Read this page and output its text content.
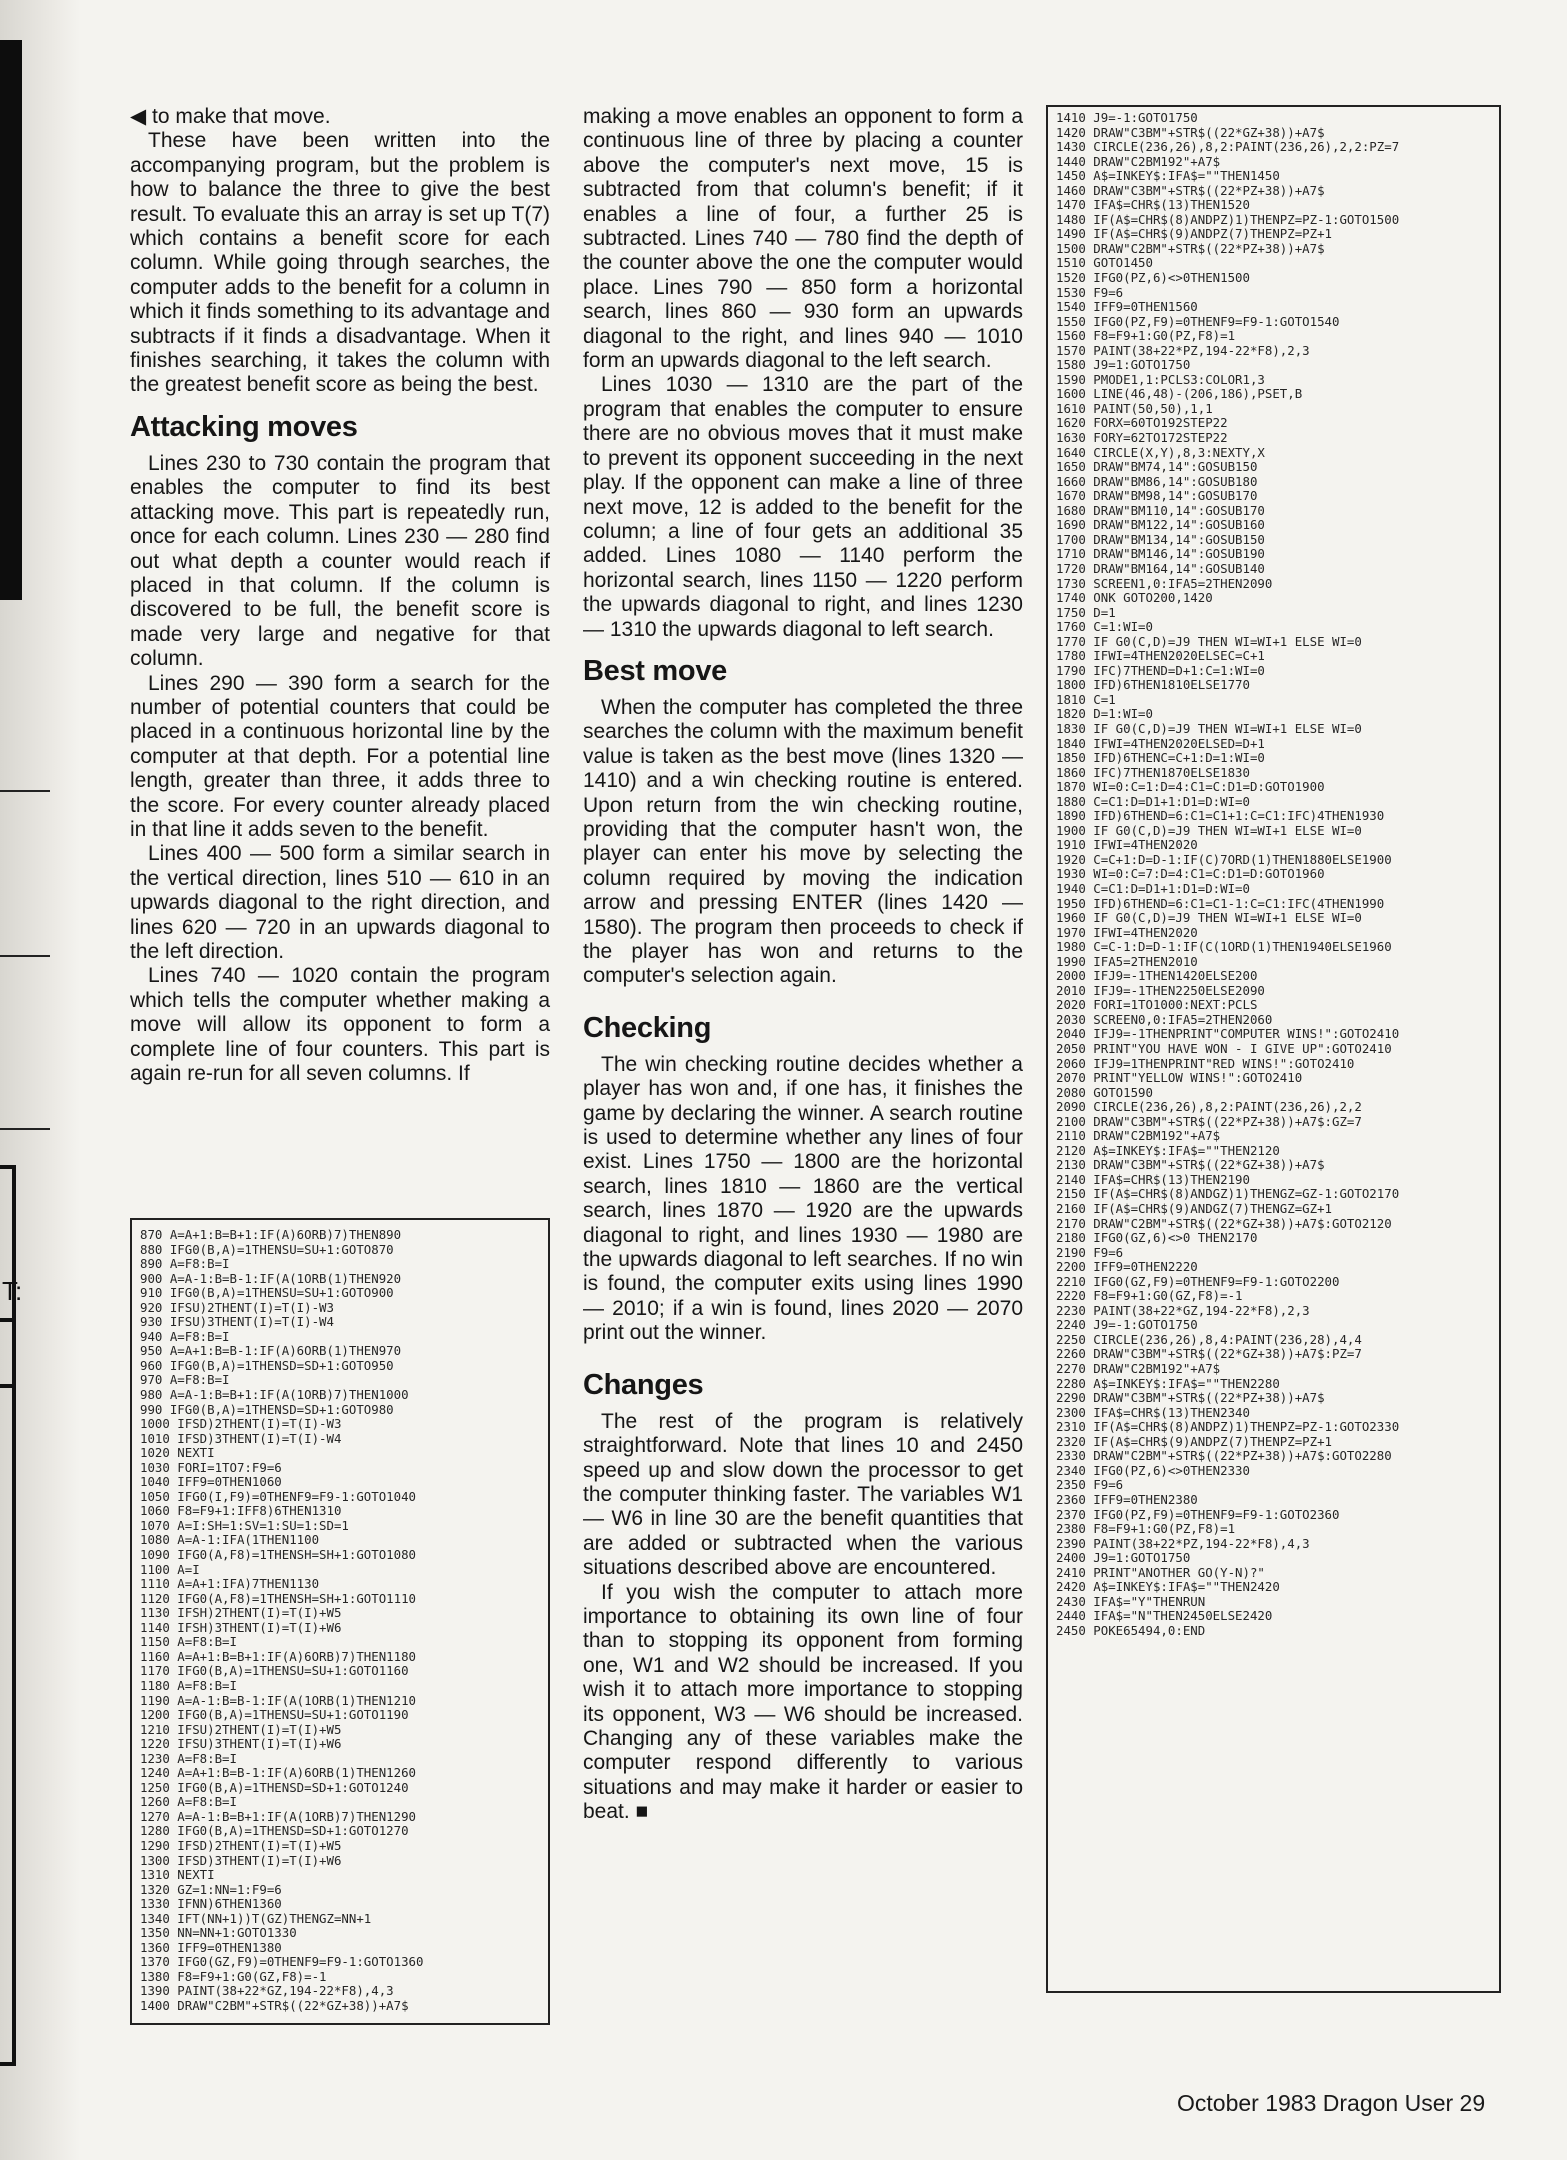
T:

◀ to make that move.

These have been written into the accompanying program, but the problem is how to balance the three to give the best result. To evaluate this an array is set up T(7) which contains a benefit score for each column. While going through searches, the computer adds to the benefit for a column in which it finds something to its advantage and subtracts if it finds a disadvantage. When it finishes searching, it takes the column with the greatest benefit score as being the best.

Attacking moves

Lines 230 to 730 contain the program that enables the computer to find its best attacking move. This part is repeatedly run, once for each column. Lines 230 — 280 find out what depth a counter would reach if placed in that column. If the column is discovered to be full, the benefit score is made very large and negative for that column.

Lines 290 — 390 form a search for the number of potential counters that could be placed in a continuous horizontal line by the computer at that depth. For a potential line length, greater than three, it adds three to the score. For every counter already placed in that line it adds seven to the benefit.

Lines 400 — 500 form a similar search in the vertical direction, lines 510 — 610 in an upwards diagonal to the right direction, and lines 620 — 720 in an upwards diagonal to the left direction.

Lines 740 — 1020 contain the program which tells the computer whether making a move will allow its opponent to form a complete line of four counters. This part is again re-run for all seven columns. If

870 A=A+1:B=B+1:IF(A)6ORB)7)THEN890
880 IFG0(B,A)=1THENSU=SU+1:GOTO870
890 A=F8:B=I
900 A=A-1:B=B-1:IF(A(1ORB(1)THEN920
910 IFG0(B,A)=1THENSU=SU+1:GOTO900
920 IFSU)2THENT(I)=T(I)-W3
930 IFSU)3THENT(I)=T(I)-W4
940 A=F8:B=I
950 A=A+1:B=B-1:IF(A)6ORB(1)THEN970
960 IFG0(B,A)=1THENSD=SD+1:GOTO950
970 A=F8:B=I
980 A=A-1:B=B+1:IF(A(1ORB)7)THEN1000
990 IFG0(B,A)=1THENSD=SD+1:GOTO980
1000 IFSD)2THENT(I)=T(I)-W3
1010 IFSD)3THENT(I)=T(I)-W4
1020 NEXTI
1030 FORI=1TO7:F9=6
1040 IFF9=0THEN1060
1050 IFG0(I,F9)=0THENF9=F9-1:GOTO1040
1060 F8=F9+1:IFF8)6THEN1310
1070 A=I:SH=1:SV=1:SU=1:SD=1
1080 A=A-1:IFA(1THEN1100
1090 IFG0(A,F8)=1THENSH=SH+1:GOTO1080
1100 A=I
1110 A=A+1:IFA)7THEN1130
1120 IFG0(A,F8)=1THENSH=SH+1:GOTO1110
1130 IFSH)2THENT(I)=T(I)+W5
1140 IFSH)3THENT(I)=T(I)+W6
1150 A=F8:B=I
1160 A=A+1:B=B+1:IF(A)6ORB)7)THEN1180
1170 IFG0(B,A)=1THENSU=SU+1:GOTO1160
1180 A=F8:B=I
1190 A=A-1:B=B-1:IF(A(1ORB(1)THEN1210
1200 IFG0(B,A)=1THENSU=SU+1:GOTO1190
1210 IFSU)2THENT(I)=T(I)+W5
1220 IFSU)3THENT(I)=T(I)+W6
1230 A=F8:B=I
1240 A=A+1:B=B-1:IF(A)6ORB(1)THEN1260
1250 IFG0(B,A)=1THENSD=SD+1:GOTO1240
1260 A=F8:B=I
1270 A=A-1:B=B+1:IF(A(1ORB)7)THEN1290
1280 IFG0(B,A)=1THENSD=SD+1:GOTO1270
1290 IFSD)2THENT(I)=T(I)+W5
1300 IFSD)3THENT(I)=T(I)+W6
1310 NEXTI
1320 GZ=1:NN=1:F9=6
1330 IFNN)6THEN1360
1340 IFT(NN+1))T(GZ)THENGZ=NN+1
1350 NN=NN+1:GOTO1330
1360 IFF9=0THEN1380
1370 IFG0(GZ,F9)=0THENF9=F9-1:GOTO1360
1380 F8=F9+1:G0(GZ,F8)=-1
1390 PAINT(38+22*GZ,194-22*F8),4,3
1400 DRAW"C2BM"+STR$((22*GZ+38))+A7$

making a move enables an opponent to form a continuous line of three by placing a counter above the computer's next move, 15 is subtracted from that column's benefit; if it enables a line of four, a further 25 is subtracted. Lines 740 — 780 find the depth of the counter above the one the computer would place. Lines 790 — 850 form a horizontal search, lines 860 — 930 form an upwards diagonal to the right, and lines 940 — 1010 form an upwards diagonal to the left search.

Lines 1030 — 1310 are the part of the program that enables the computer to ensure there are no obvious moves that it must make to prevent its opponent succeeding in the next play. If the opponent can make a line of three next move, 12 is added to the benefit for the column; a line of four gets an additional 35 added. Lines 1080 — 1140 perform the horizontal search, lines 1150 — 1220 perform the upwards diagonal to right, and lines 1230 — 1310 the upwards diagonal to left search.

Best move

When the computer has completed the three searches the column with the maximum benefit value is taken as the best move (lines 1320 — 1410) and a win checking routine is entered. Upon return from the win checking routine, providing that the computer hasn't won, the player can enter his move by selecting the column required by moving the indication arrow and pressing ENTER (lines 1420 —1580). The program then proceeds to check if the player has won and returns to the computer's selection again.

Checking

The win checking routine decides whether a player has won and, if one has, it finishes the game by declaring the winner. A search routine is used to determine whether any lines of four exist. Lines 1750 — 1800 are the horizontal search, lines 1810 — 1860 are the vertical search, lines 1870 — 1920 are the upwards diagonal to right, and lines 1930 — 1980 are the upwards diagonal to left searches. If no win is found, the computer exits using lines 1990 — 2010; if a win is found, lines 2020 — 2070 print out the winner.

Changes

The rest of the program is relatively straightforward. Note that lines 10 and 2450 speed up and slow down the processor to get the computer thinking faster. The variables W1 — W6 in line 30 are the benefit quantities that are added or subtracted when the various situations described above are encountered.

If you wish the computer to attach more importance to obtaining its own line of four than to stopping its opponent from forming one, W1 and W2 should be increased. If you wish it to attach more importance to stopping its opponent, W3 — W6 should be increased. Changing any of these variables make the computer respond differently to various situations and may make it harder or easier to beat. ■

1410 J9=-1:GOTO1750
1420 DRAW"C3BM"+STR$((22*GZ+38))+A7$
1430 CIRCLE(236,26),8,2:PAINT(236,26),2,2:PZ=7
1440 DRAW"C2BM192"+A7$
1450 A$=INKEY$:IFA$=""THEN1450
1460 DRAW"C3BM"+STR$((22*PZ+38))+A7$
1470 IFA$=CHR$(13)THEN1520
1480 IF(A$=CHR$(8)ANDPZ)1)THENPZ=PZ-1:GOTO1500
1490 IF(A$=CHR$(9)ANDPZ(7)THENPZ=PZ+1
1500 DRAW"C2BM"+STR$((22*PZ+38))+A7$
1510 GOTO1450
1520 IFG0(PZ,6)<>0THEN1500
1530 F9=6
1540 IFF9=0THEN1560
1550 IFG0(PZ,F9)=0THENF9=F9-1:GOTO1540
1560 F8=F9+1:G0(PZ,F8)=1
1570 PAINT(38+22*PZ,194-22*F8),2,3
1580 J9=1:GOTO1750
1590 PMODE1,1:PCLS3:COLOR1,3
1600 LINE(46,48)-(206,186),PSET,B
1610 PAINT(50,50),1,1
1620 FORX=60TO192STEP22
1630 FORY=62TO172STEP22
1640 CIRCLE(X,Y),8,3:NEXTY,X
1650 DRAW"BM74,14":GOSUB150
1660 DRAW"BM86,14":GOSUB180
1670 DRAW"BM98,14":GOSUB170
1680 DRAW"BM110,14":GOSUB170
1690 DRAW"BM122,14":GOSUB160
1700 DRAW"BM134,14":GOSUB150
1710 DRAW"BM146,14":GOSUB190
1720 DRAW"BM164,14":GOSUB140
1730 SCREEN1,0:IFA5=2THEN2090
1740 ONK GOTO200,1420
1750 D=1
1760 C=1:WI=0
1770 IF G0(C,D)=J9 THEN WI=WI+1 ELSE WI=0
1780 IFWI=4THEN2020ELSEC=C+1
1790 IFC)7THEND=D+1:C=1:WI=0
1800 IFD)6THEN1810ELSE1770
1810 C=1
1820 D=1:WI=0
1830 IF G0(C,D)=J9 THEN WI=WI+1 ELSE WI=0
1840 IFWI=4THEN2020ELSED=D+1
1850 IFD)6THENC=C+1:D=1:WI=0
1860 IFC)7THEN1870ELSE1830
1870 WI=0:C=1:D=4:C1=C:D1=D:GOTO1900
1880 C=C1:D=D1+1:D1=D:WI=0
1890 IFD)6THEND=6:C1=C1+1:C=C1:IFC)4THEN1930
1900 IF G0(C,D)=J9 THEN WI=WI+1 ELSE WI=0
1910 IFWI=4THEN2020
1920 C=C+1:D=D-1:IF(C)7ORD(1)THEN1880ELSE1900
1930 WI=0:C=7:D=4:C1=C:D1=D:GOTO1960
1940 C=C1:D=D1+1:D1=D:WI=0
1950 IFD)6THEND=6:C1=C1-1:C=C1:IFC(4THEN1990
1960 IF G0(C,D)=J9 THEN WI=WI+1 ELSE WI=0
1970 IFWI=4THEN2020
1980 C=C-1:D=D-1:IF(C(1ORD(1)THEN1940ELSE1960
1990 IFA5=2THEN2010
2000 IFJ9=-1THEN1420ELSE200
2010 IFJ9=-1THEN2250ELSE2090
2020 FORI=1TO1000:NEXT:PCLS
2030 SCREEN0,0:IFA5=2THEN2060
2040 IFJ9=-1THENPRINT"COMPUTER WINS!":GOTO2410
2050 PRINT"YOU HAVE WON - I GIVE UP":GOTO2410
2060 IFJ9=1THENPRINT"RED WINS!":GOTO2410
2070 PRINT"YELLOW WINS!":GOTO2410
2080 GOTO1590
2090 CIRCLE(236,26),8,2:PAINT(236,26),2,2
2100 DRAW"C3BM"+STR$((22*PZ+38))+A7$:GZ=7
2110 DRAW"C2BM192"+A7$
2120 A$=INKEY$:IFA$=""THEN2120
2130 DRAW"C3BM"+STR$((22*GZ+38))+A7$
2140 IFA$=CHR$(13)THEN2190
2150 IF(A$=CHR$(8)ANDGZ)1)THENGZ=GZ-1:GOTO2170
2160 IF(A$=CHR$(9)ANDGZ(7)THENGZ=GZ+1
2170 DRAW"C2BM"+STR$((22*GZ+38))+A7$:GOTO2120
2180 IFG0(GZ,6)<>0 THEN2170
2190 F9=6
2200 IFF9=0THEN2220
2210 IFG0(GZ,F9)=0THENF9=F9-1:GOTO2200
2220 F8=F9+1:G0(GZ,F8)=-1
2230 PAINT(38+22*GZ,194-22*F8),2,3
2240 J9=-1:GOTO1750
2250 CIRCLE(236,26),8,4:PAINT(236,28),4,4
2260 DRAW"C3BM"+STR$((22*GZ+38))+A7$:PZ=7
2270 DRAW"C2BM192"+A7$
2280 A$=INKEY$:IFA$=""THEN2280
2290 DRAW"C3BM"+STR$((22*PZ+38))+A7$
2300 IFA$=CHR$(13)THEN2340
2310 IF(A$=CHR$(8)ANDPZ)1)THENPZ=PZ-1:GOTO2330
2320 IF(A$=CHR$(9)ANDPZ(7)THENPZ=PZ+1
2330 DRAW"C2BM"+STR$((22*PZ+38))+A7$:GOTO2280
2340 IFG0(PZ,6)<>0THEN2330
2350 F9=6
2360 IFF9=0THEN2380
2370 IFG0(PZ,F9)=0THENF9=F9-1:GOTO2360
2380 F8=F9+1:G0(PZ,F8)=1
2390 PAINT(38+22*PZ,194-22*F8),4,3
2400 J9=1:GOTO1750
2410 PRINT"ANOTHER GO(Y-N)?"
2420 A$=INKEY$:IFA$=""THEN2420
2430 IFA$="Y"THENRUN
2440 IFA$="N"THEN2450ELSE2420
2450 POKE65494,0:END
October 1983 Dragon User 29
